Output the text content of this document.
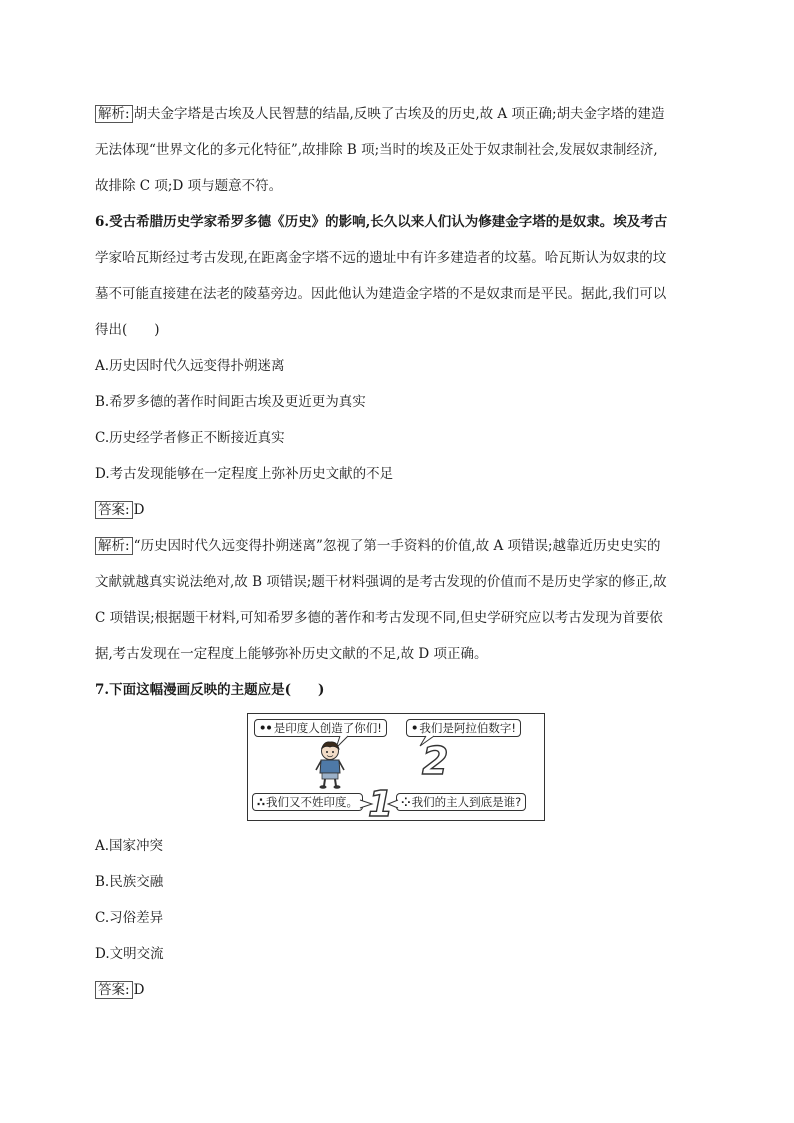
解析: 胡夫金字塔是古埃及人民智慧的结晶,反映了古埃及的历史,故 A 项正确;胡夫金字塔的建造
无法体现“世界文化的多元化特征”,故排除 B 项;当时的埃及正处于奴隶制社会,发展奴隶制经济,
故排除 C 项;D 项与题意不符。
6.受古希腊历史学家希罗多德《历史》的影响,长久以来人们认为修建金字塔的是奴隶。埃及考古
学家哈瓦斯经过考古发现,在距离金字塔不远的遗址中有许多建造者的坟墓。哈瓦斯认为奴隶的坟
墓不可能直接建在法老的陵墓旁边。因此他认为建造金字塔的不是奴隶而是平民。据此,我们可以
得出(　　)
A.历史因时代久远变得扑朔迷离
B.希罗多德的著作时间距古埃及更近更为真实
C.历史经学者修正不断接近真实
D.考古发现能够在一定程度上弥补历史文献的不足
答案: D
解析: “历史因时代久远变得扑朔迷离”忽视了第一手资料的价值,故 A 项错误;越靠近历史史实的
文献就越真实说法绝对,故 B 项错误;题干材料强调的是考古发现的价值而不是历史学家的修正,故
C 项错误;根据题干材料,可知希罗多德的著作和考古发现不同,但史学研究应以考古发现为首要依
据,考古发现在一定程度上能够弥补历史文献的不足,故 D 项正确。
7.下面这幅漫画反映的主题应是(　　)
•• 是印度人创造了你们!	• 我们是阿拉伯数字!
∴ 我们又不姓印度。	⁘ 我们的主人到底是谁?
1
2
A.国家冲突
B.民族交融
C.习俗差异
D.文明交流
答案: D
